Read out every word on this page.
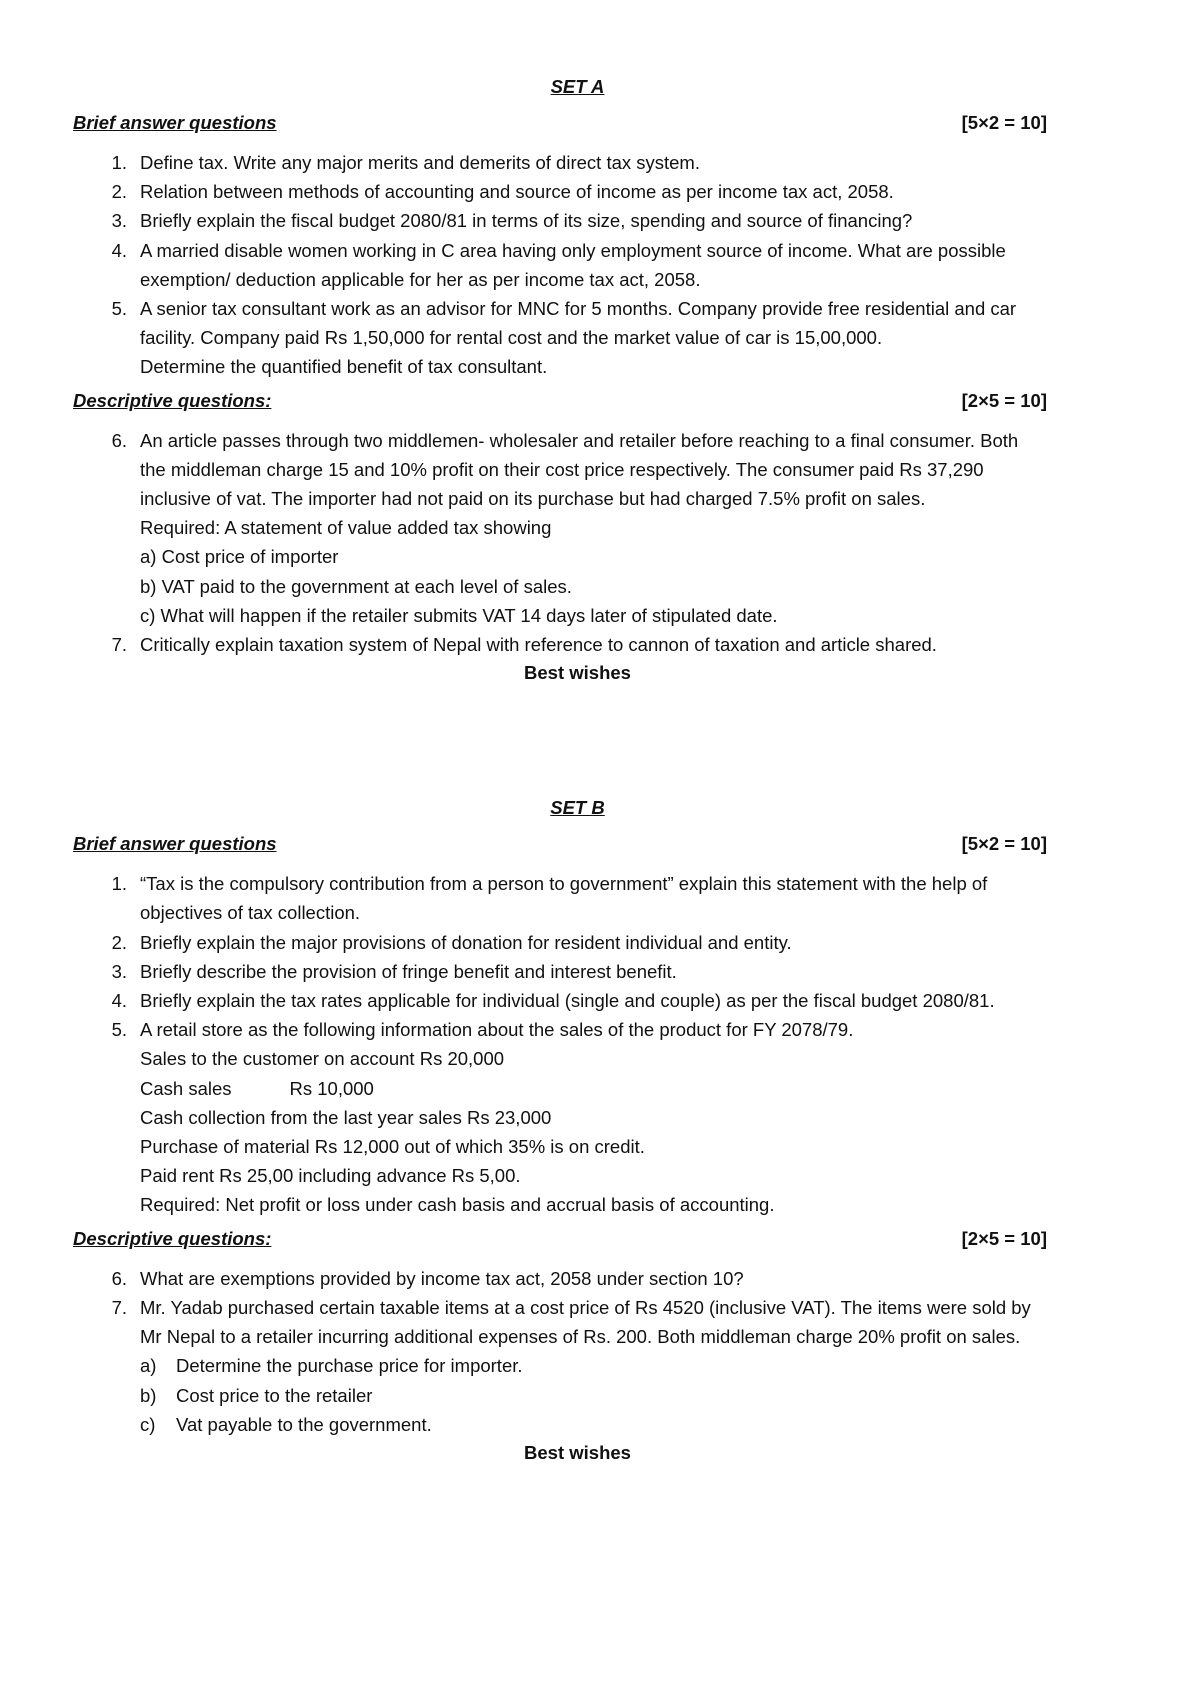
SET A

Brief answer questions	[5×2 = 10]
1. Define tax. Write any major merits and demerits of direct tax system.
2. Relation between methods of accounting and source of income as per income tax act, 2058.
3. Briefly explain the fiscal budget 2080/81 in terms of its size, spending and source of financing?
4. A married disable women working in C area having only employment source of income. What are possible
exemption/ deduction applicable for her as per income tax act, 2058.
5. A senior tax consultant work as an advisor for MNC for 5 months. Company provide free residential and car
facility. Company paid Rs 1,50,000 for rental cost and the market value of car is 15,00,000.
Determine the quantified benefit of tax consultant.
Descriptive questions:	[2×5 = 10]
6. An article passes through two middlemen- wholesaler and retailer before reaching to a final consumer. Both
the middleman charge 15 and 10% profit on their cost price respectively. The consumer paid Rs 37,290
inclusive of vat. The importer had not paid on its purchase but had charged 7.5% profit on sales.
Required: A statement of value added tax showing
a) Cost price of importer
b) VAT paid to the government at each level of sales.
c) What will happen if the retailer submits VAT 14 days later of stipulated date.
7. Critically explain taxation system of Nepal with reference to cannon of taxation and article shared.

Best wishes

SET B

Brief answer questions	[5×2 = 10]
1. “Tax is the compulsory contribution from a person to government” explain this statement with the help of
objectives of tax collection.
2. Briefly explain the major provisions of donation for resident individual and entity.
3. Briefly describe the provision of fringe benefit and interest benefit.
4. Briefly explain the tax rates applicable for individual (single and couple) as per the fiscal budget 2080/81.
5. A retail store as the following information about the sales of the product for FY 2078/79.
Sales to the customer on account Rs 20,000
Cash sales	Rs 10,000
Cash collection from the last year sales Rs 23,000
Purchase of material Rs 12,000 out of which 35% is on credit.
Paid rent Rs 25,00 including advance Rs 5,00.
Required: Net profit or loss under cash basis and accrual basis of accounting.
Descriptive questions:	[2×5 = 10]
6. What are exemptions provided by income tax act, 2058 under section 10?
7. Mr. Yadab purchased certain taxable items at a cost price of Rs 4520 (inclusive VAT). The items were sold by
Mr Nepal to a retailer incurring additional expenses of Rs. 200. Both middleman charge 20% profit on sales.
a)	Determine the purchase price for importer.
b)	Cost price to the retailer
c)	Vat payable to the government.

Best wishes
